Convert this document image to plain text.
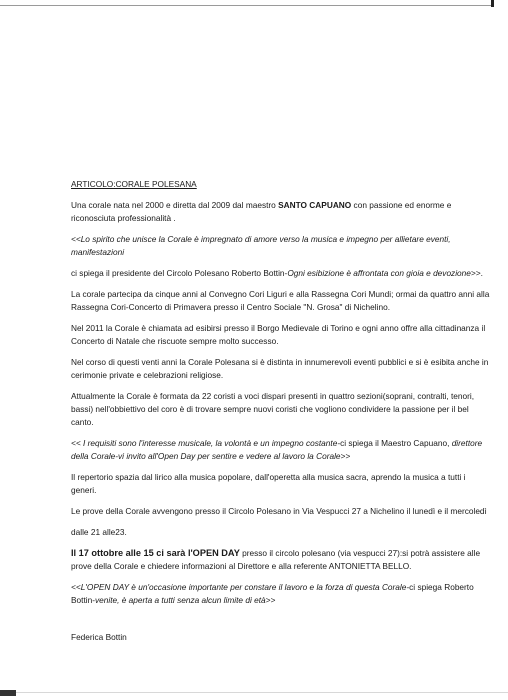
ARTICOLO:CORALE POLESANA

Una corale nata nel 2000 e diretta dal 2009 dal maestro SANTO CAPUANO con passione ed enorme e riconosciuta professionalità .

<<Lo spirito che unisce la Corale è impregnato di amore verso la musica e impegno per allietare eventi, manifestazioni

ci spiega il presidente del Circolo Polesano Roberto Bottin-Ogni esibizione è affrontata con gioia e devozione>>.

La corale partecipa da cinque anni al Convegno Cori Liguri e alla Rassegna Cori Mundi; ormai da quattro anni alla Rassegna Cori-Concerto di Primavera presso il Centro Sociale "N. Grosa" di Nichelino.

Nel 2011 la Corale è chiamata ad esibirsi presso il Borgo Medievale di Torino e ogni anno offre alla cittadinanza il Concerto di Natale che riscuote sempre molto successo.

Nel corso di questi venti anni la Corale Polesana si è distinta in innumerevoli eventi pubblici e si è esibita anche in cerimonie private e celebrazioni religiose.

Attualmente la Corale è formata da 22 coristi a voci dispari presenti in quattro sezioni(soprani, contralti, tenori, bassi) nell'obbiettivo del coro è di trovare sempre nuovi coristi che vogliono condividere la passione per il bel canto.

<< I requisiti sono l'interesse musicale, la volontà e un impegno costante-ci spiega il Maestro Capuano, direttore della Corale-vi invito all'Open Day per sentire e vedere al lavoro la Corale>>

Il repertorio spazia dal lirico alla musica popolare, dall'operetta alla musica sacra, aprendo la musica a tutti i generi.

Le prove della Corale avvengono presso il Circolo Polesano in Via Vespucci 27 a Nichelino il lunedì e il mercoledì

dalle 21 alle23.

Il 17 ottobre alle 15 ci sarà l'OPEN DAY presso il circolo polesano (via vespucci 27):si potrà assistere alle prove della Corale e chiedere informazioni al Direttore e alla referente ANTONIETTA BELLO.

<<L'OPEN DAY è un'occasione importante per constare il lavoro e la forza di questa Corale-ci spiega Roberto Bottin-venite, è aperta a tutti senza alcun limite di età>>

Federica Bottin
